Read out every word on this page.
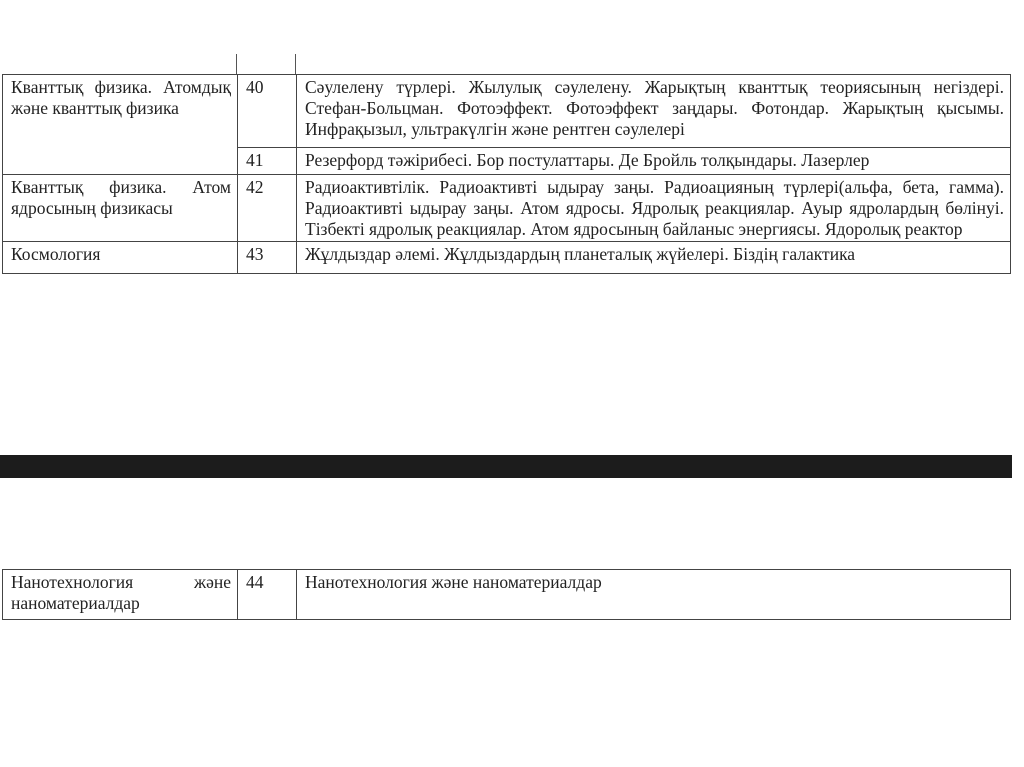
Кванттық физика. Атомдық және кванттық физика	40	Сәулелену түрлері. Жылулық сәулелену. Жарықтың кванттық теориясының негіздері. Стефан-Больцман. Фотоэффект. Фотоэффект заңдары. Фотондар. Жарықтың қысымы. Инфрақызыл, ультракүлгін және рентген сәулелері
	41	Резерфорд тәжірибесі. Бор постулаттары. Де Бройль толқындары. Лазерлер
Кванттық физика. Атом ядросының физикасы	42	Радиоактивтілік. Радиоактивті ыдырау заңы. Радиоацияның түрлері(альфа, бета, гамма). Радиоактивті ыдырау заңы. Атом ядросы. Ядролық реакциялар. Ауыр ядролардың бөлінуі. Тізбекті ядролық реакциялар. Атом ядросының байланыс энергиясы. Ядоролық реактор
Космология	43	Жұлдыздар әлемі. Жұлдыздардың планеталық жүйелері. Біздің галактика
Нанотехнология және наноматериалдар	44	Нанотехнология және наноматериалдар
